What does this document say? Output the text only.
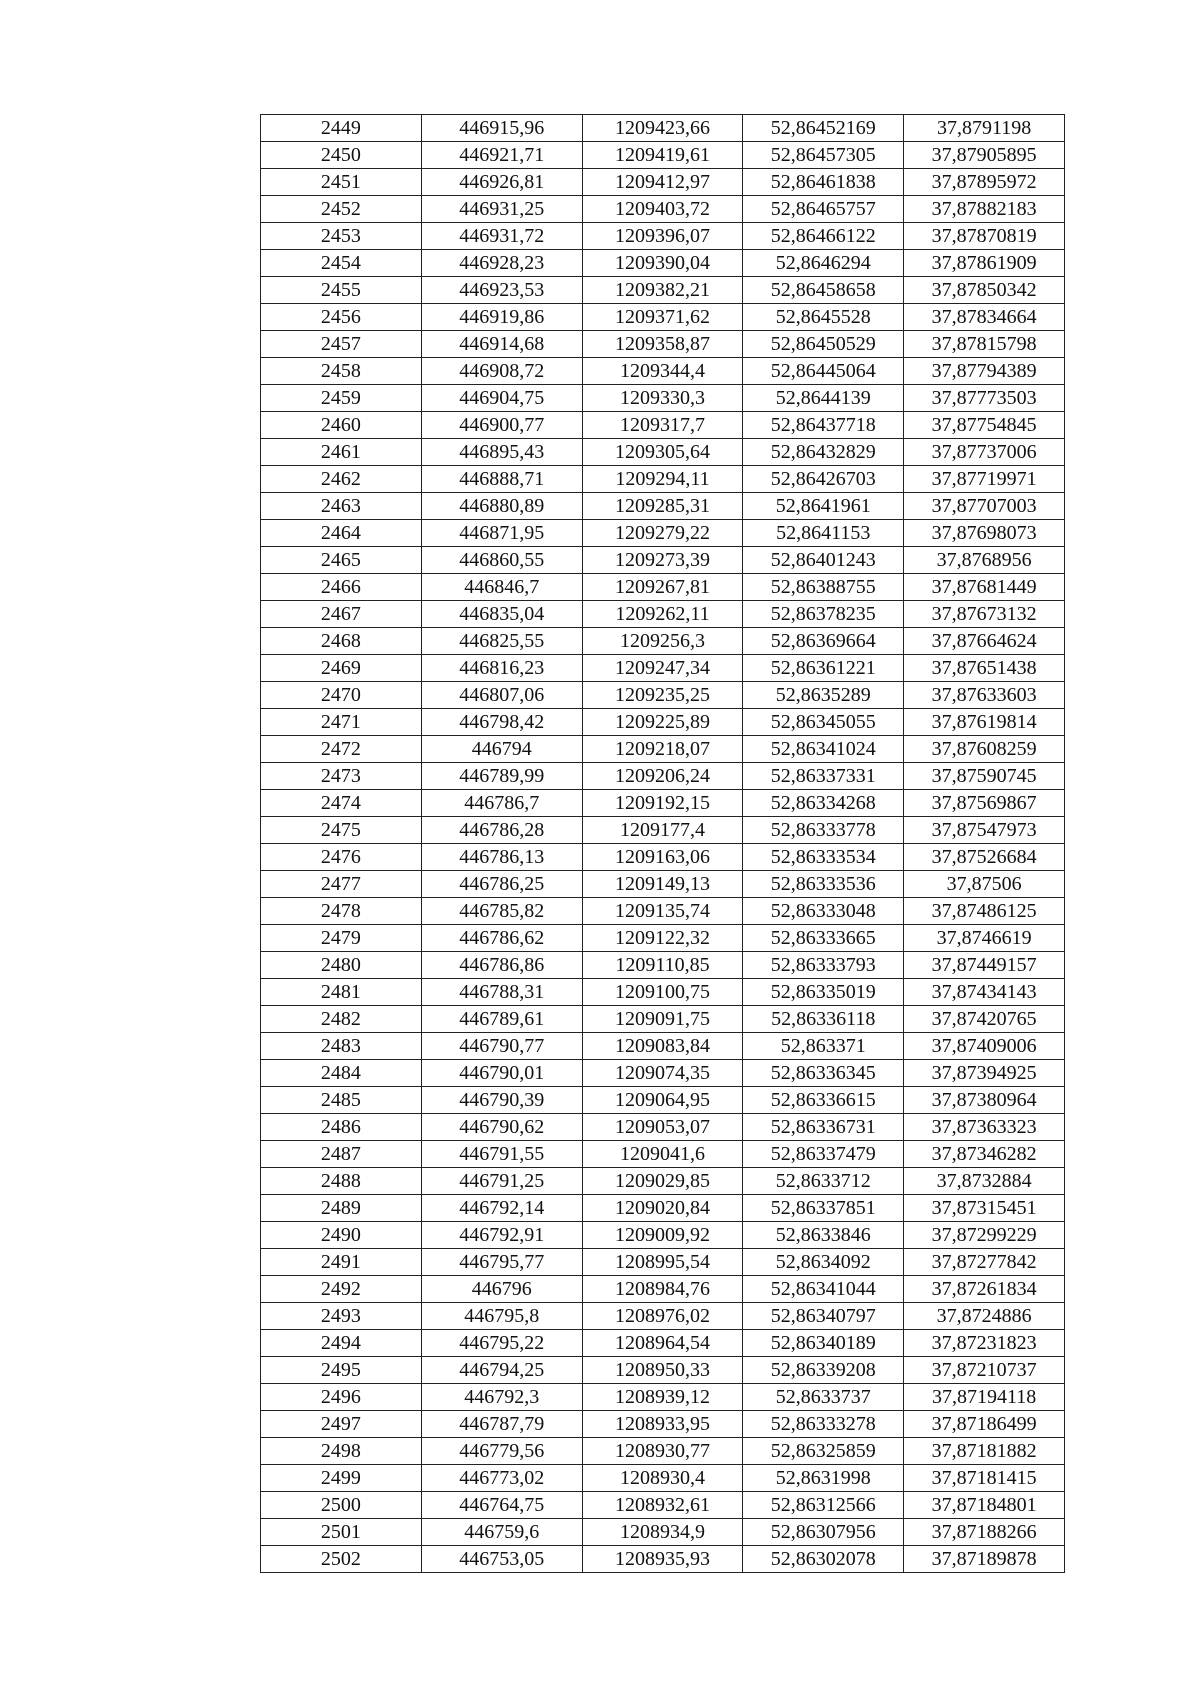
2449	446915,96	1209423,66	52,86452169	37,8791198
2450	446921,71	1209419,61	52,86457305	37,87905895
2451	446926,81	1209412,97	52,86461838	37,87895972
2452	446931,25	1209403,72	52,86465757	37,87882183
2453	446931,72	1209396,07	52,86466122	37,87870819
2454	446928,23	1209390,04	52,8646294	37,87861909
2455	446923,53	1209382,21	52,86458658	37,87850342
2456	446919,86	1209371,62	52,8645528	37,87834664
2457	446914,68	1209358,87	52,86450529	37,87815798
2458	446908,72	1209344,4	52,86445064	37,87794389
2459	446904,75	1209330,3	52,8644139	37,87773503
2460	446900,77	1209317,7	52,86437718	37,87754845
2461	446895,43	1209305,64	52,86432829	37,87737006
2462	446888,71	1209294,11	52,86426703	37,87719971
2463	446880,89	1209285,31	52,8641961	37,87707003
2464	446871,95	1209279,22	52,8641153	37,87698073
2465	446860,55	1209273,39	52,86401243	37,8768956
2466	446846,7	1209267,81	52,86388755	37,87681449
2467	446835,04	1209262,11	52,86378235	37,87673132
2468	446825,55	1209256,3	52,86369664	37,87664624
2469	446816,23	1209247,34	52,86361221	37,87651438
2470	446807,06	1209235,25	52,8635289	37,87633603
2471	446798,42	1209225,89	52,86345055	37,87619814
2472	446794	1209218,07	52,86341024	37,87608259
2473	446789,99	1209206,24	52,86337331	37,87590745
2474	446786,7	1209192,15	52,86334268	37,87569867
2475	446786,28	1209177,4	52,86333778	37,87547973
2476	446786,13	1209163,06	52,86333534	37,87526684
2477	446786,25	1209149,13	52,86333536	37,87506
2478	446785,82	1209135,74	52,86333048	37,87486125
2479	446786,62	1209122,32	52,86333665	37,8746619
2480	446786,86	1209110,85	52,86333793	37,87449157
2481	446788,31	1209100,75	52,86335019	37,87434143
2482	446789,61	1209091,75	52,86336118	37,87420765
2483	446790,77	1209083,84	52,863371	37,87409006
2484	446790,01	1209074,35	52,86336345	37,87394925
2485	446790,39	1209064,95	52,86336615	37,87380964
2486	446790,62	1209053,07	52,86336731	37,87363323
2487	446791,55	1209041,6	52,86337479	37,87346282
2488	446791,25	1209029,85	52,8633712	37,8732884
2489	446792,14	1209020,84	52,86337851	37,87315451
2490	446792,91	1209009,92	52,8633846	37,87299229
2491	446795,77	1208995,54	52,8634092	37,87277842
2492	446796	1208984,76	52,86341044	37,87261834
2493	446795,8	1208976,02	52,86340797	37,8724886
2494	446795,22	1208964,54	52,86340189	37,87231823
2495	446794,25	1208950,33	52,86339208	37,87210737
2496	446792,3	1208939,12	52,8633737	37,87194118
2497	446787,79	1208933,95	52,86333278	37,87186499
2498	446779,56	1208930,77	52,86325859	37,87181882
2499	446773,02	1208930,4	52,8631998	37,87181415
2500	446764,75	1208932,61	52,86312566	37,87184801
2501	446759,6	1208934,9	52,86307956	37,87188266
2502	446753,05	1208935,93	52,86302078	37,87189878
